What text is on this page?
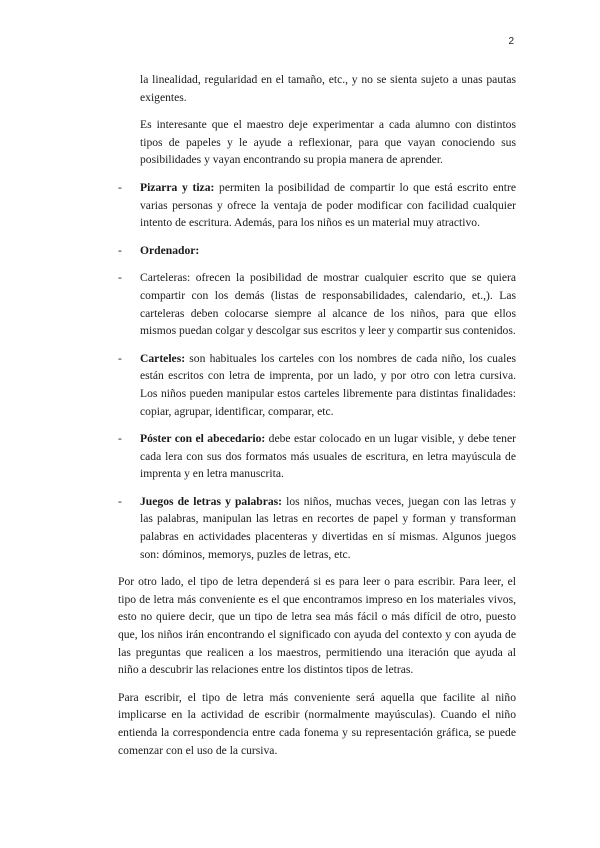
2

la linealidad, regularidad en el tamaño, etc., y no se sienta sujeto a unas pautas exigentes.

Es interesante que el maestro deje experimentar a cada alumno con distintos tipos de papeles y le ayude a reflexionar, para que vayan conociendo sus posibilidades y vayan encontrando su propia manera de aprender.

-	Pizarra y tiza: permiten la posibilidad de compartir lo que está escrito entre varias personas y ofrece la ventaja de poder modificar con facilidad cualquier intento de escritura. Además, para los niños es un material muy atractivo.
-	Ordenador:
-	Carteleras: ofrecen la posibilidad de mostrar cualquier escrito que se quiera compartir con los demás (listas de responsabilidades, calendario, et.,). Las carteleras deben colocarse siempre al alcance de los niños, para que ellos mismos puedan colgar y descolgar sus escritos y leer y compartir sus contenidos.
-	Carteles: son habituales los carteles con los nombres de cada niño, los cuales están escritos con letra de imprenta, por un lado, y por otro con letra cursiva. Los niños pueden manipular estos carteles libremente para distintas finalidades: copiar, agrupar, identificar, comparar, etc.
-	Póster con el abecedario: debe estar colocado en un lugar visible, y debe tener cada lera con sus dos formatos más usuales de escritura, en letra mayúscula de imprenta y en letra manuscrita.
-	Juegos de letras y palabras: los niños, muchas veces, juegan con las letras y las palabras, manipulan las letras en recortes de papel y forman y transforman palabras en actividades placenteras y divertidas en sí mismas. Algunos juegos son: dóminos, memorys, puzles de letras, etc.

Por otro lado, el tipo de letra dependerá si es para leer o para escribir. Para leer, el tipo de letra más conveniente es el que encontramos impreso en los materiales vivos, esto no quiere decir, que un tipo de letra sea más fácil o más difícil de otro, puesto que, los niños irán encontrando el significado con ayuda del contexto y con ayuda de las preguntas que realicen a los maestros, permitiendo una iteración que ayuda al niño a descubrir las relaciones entre los distintos tipos de letras.

Para escribir, el tipo de letra más conveniente será aquella que facilite al niño implicarse en la actividad de escribir (normalmente mayúsculas). Cuando el niño entienda la correspondencia entre cada fonema y su representación gráfica, se puede comenzar con el uso de la cursiva.
